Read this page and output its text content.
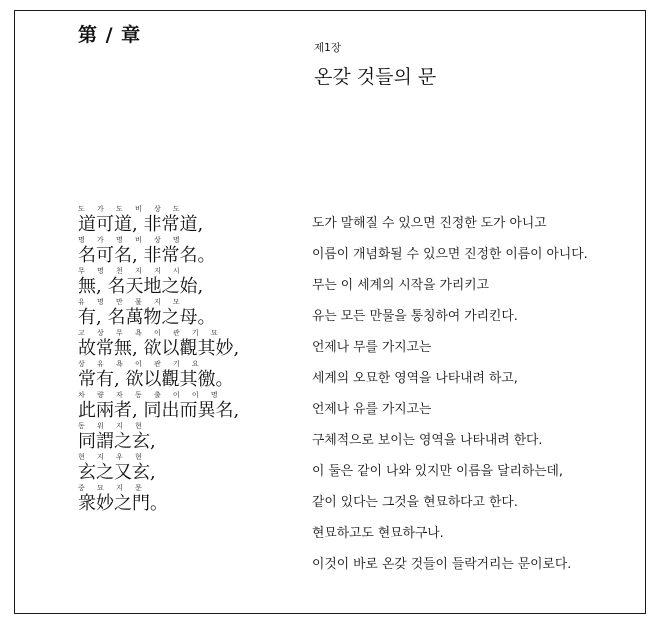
第 / 章
제1장
온갖 것들의 문
도 가 도 비 상 도
道可道, 非常道,
명 가 명 비 상 명
名可名, 非常名。
무 명 천 지 지 시
無, 名天地之始,
유 명 만 물 지 모
有, 名萬物之母。
고 상 무 욕 이 관 기 묘
故常無, 欲以觀其妙,
상 유 욕 이 관 기 요
常有, 欲以觀其徼。
차 량 자 동 출 이 이 명
此兩者, 同出而異名,
동 위 지 현
同謂之玄,
현 지 우 현
玄之又玄,
중 묘 지 문
衆妙之門。
도가 말해질 수 있으면 진정한 도가 아니고
이름이 개념화될 수 있으면 진정한 이름이 아니다.
무는 이 세계의 시작을 가리키고
유는 모든 만물을 통칭하여 가리킨다.
언제나 무를 가지고는
세계의 오묘한 영역을 나타내려 하고,
언제나 유를 가지고는
구체적으로 보이는 영역을 나타내려 한다.
이 둘은 같이 나와 있지만 이름을 달리하는데,
같이 있다는 그것을 현묘하다고 한다.
현묘하고도 현묘하구나.
이것이 바로 온갖 것들이 들락거리는 문이로다.
